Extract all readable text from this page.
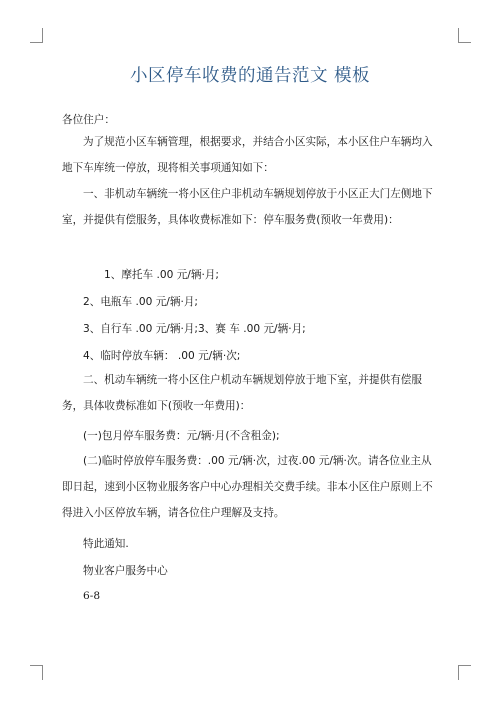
小区停车收费的通告范文 模板
各位住户：
为了规范小区车辆管理，根据要求，并结合小区实际，本小区住户车辆均入地下车库统一停放，现将相关事项通知如下：
一、非机动车辆统一将小区住户非机动车辆规划停放于小区正大门左侧地下室，并提供有偿服务，具体收费标准如下：停车服务费(预收一年费用)：
1、摩托车 .00 元/辆·月;
2、电瓶车 .00 元/辆·月;
3、自行车 .00 元/辆·月;3、赛 车 .00 元/辆·月;
4、临时停放车辆： .00 元/辆·次;
二、机动车辆统一将小区住户机动车辆规划停放于地下室，并提供有偿服务，具体收费标准如下(预收一年费用)：
(一)包月停车服务费：元/辆·月(不含租金);
(二)临时停放停车服务费：.00 元/辆·次，过夜.00 元/辆·次。请各位业主从即日起，速到小区物业服务客户中心办理相关交费手续。非本小区住户原则上不得进入小区停放车辆，请各位住户理解及支持。
特此通知.
物业客户服务中心
6-8
